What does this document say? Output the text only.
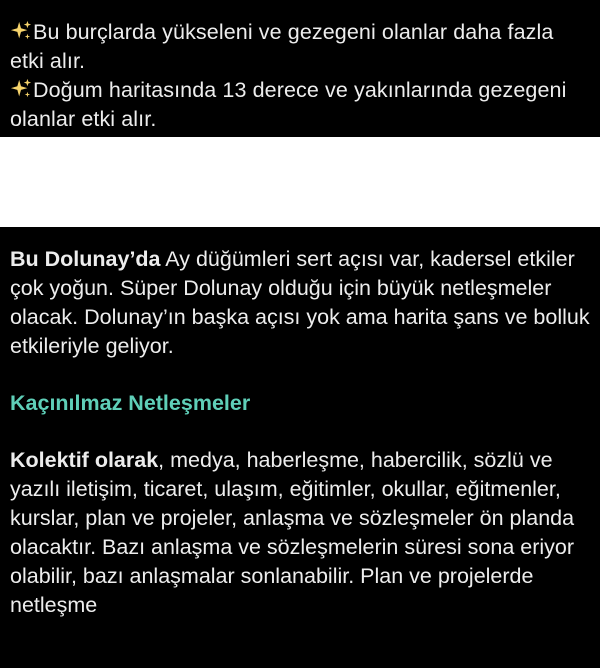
Bu burçlarda yükseleni ve gezegeni olanlar daha fazla etki alır.

Doğum haritasında 13 derece ve yakınlarında gezegeni olanlar etki alır.

Bu Dolunay’da Ay düğümleri sert açısı var, kadersel etkiler çok yoğun. Süper Dolunay olduğu için büyük netleşmeler olacak. Dolunay’ın başka açısı yok ama harita şans ve bolluk etkileriyle geliyor.

Kaçınılmaz Netleşmeler

Kolektif olarak, medya, haberleşme, habercilik, sözlü ve yazılı iletişim, ticaret, ulaşım, eğitimler, okullar, eğitmenler, kurslar, plan ve projeler, anlaşma ve sözleşmeler ön planda olacaktır. Bazı anlaşma ve sözleşmelerin süresi sona eriyor olabilir, bazı anlaşmalar sonlanabilir. Plan ve projelerde netleşme
